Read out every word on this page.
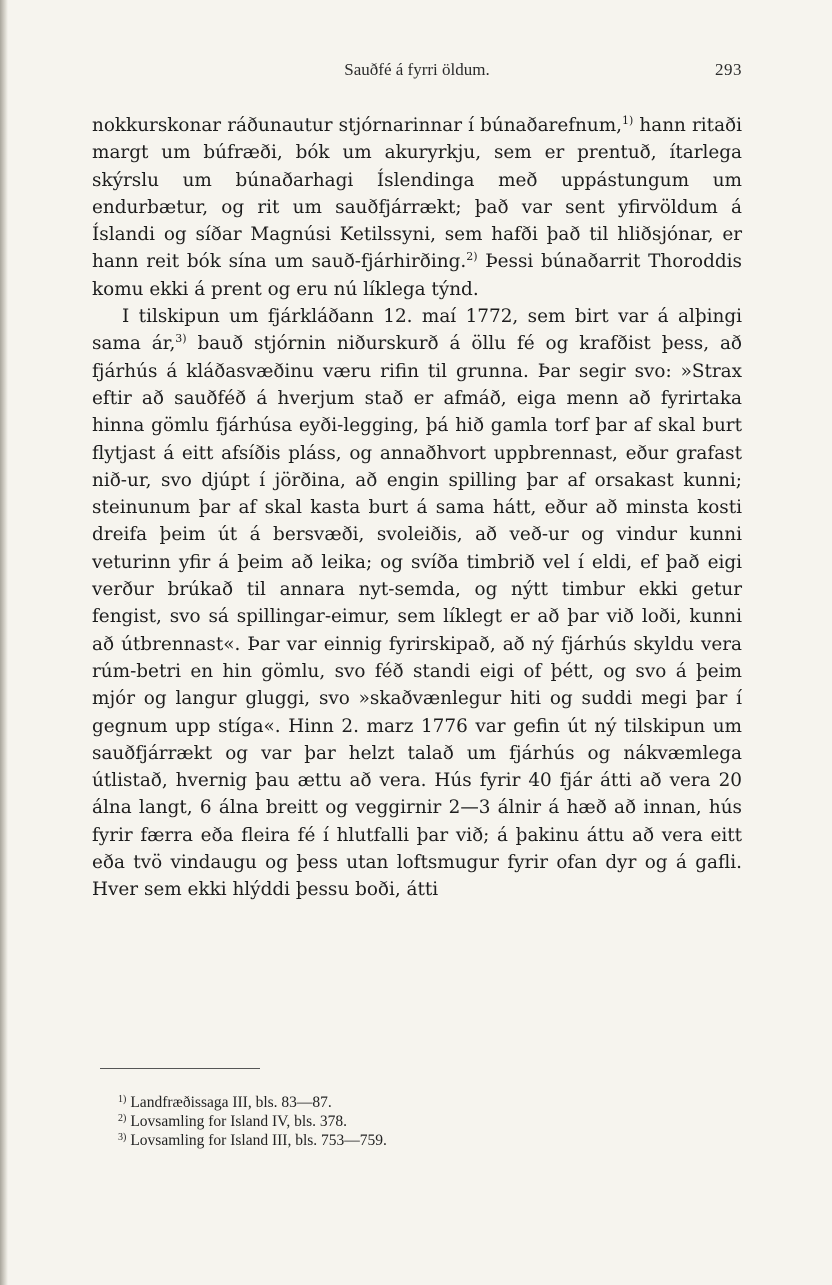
Sauðfé á fyrri öldum.	293

nokkurskonar ráðunautur stjórnarinnar í búnaðarefnum,$^{1)}$ hann ritaði margt um búfræði, bók um akuryrkju, sem er prentuð, ítarlega skýrslu um búnaðarhagi Íslendinga með uppástungum um endurbætur, og rit um sauðfjárrækt; það var sent yfirvöldum á Íslandi og síðar Magnúsi Ketilssyni, sem hafði það til hliðsjónar, er hann reit bók sína um sauð-fjárhirðing.$^{2)}$ Þessi búnaðarrit Thoroddis komu ekki á prent og eru nú líklega týnd.

I tilskipun um fjárkláðann 12. maí 1772, sem birt var á alþingi sama ár,$^{3)}$ bauð stjórnin niðurskurð á öllu fé og krafðist þess, að fjárhús á kláðasvæðinu væru rifin til grunna. Þar segir svo: »Strax eftir að sauðféð á hverjum stað er afmáð, eiga menn að fyrirtaka hinna gömlu fjárhúsa eyði-legging, þá hið gamla torf þar af skal burt flytjast á eitt afsíðis pláss, og annaðhvort uppbrennast, eður grafast nið-ur, svo djúpt í jörðina, að engin spilling þar af orsakast kunni; steinunum þar af skal kasta burt á sama hátt, eður að minsta kosti dreifa þeim út á bersvæði, svoleiðis, að veð-ur og vindur kunni veturinn yfir á þeim að leika; og svíða timbrið vel í eldi, ef það eigi verður brúkað til annara nyt-semda, og nýtt timbur ekki getur fengist, svo sá spillingar-eimur, sem líklegt er að þar við loði, kunni að útbrennast«. Þar var einnig fyrirskipað, að ný fjárhús skyldu vera rúm-betri en hin gömlu, svo féð standi eigi of þétt, og svo á þeim mjór og langur gluggi, svo »skaðvænlegur hiti og suddi megi þar í gegnum upp stíga«. Hinn 2. marz 1776 var gefin út ný tilskipun um sauðfjárrækt og var þar helzt talað um fjárhús og nákvæmlega útlistað, hvernig þau ættu að vera. Hús fyrir 40 fjár átti að vera 20 álna langt, 6 álna breitt og veggirnir 2—3 álnir á hæð að innan, hús fyrir færra eða fleira fé í hlutfalli þar við; á þakinu áttu að vera eitt eða tvö vindaugu og þess utan loftsmugur fyrir ofan dyr og á gafli. Hver sem ekki hlýddi þessu boði, átti

$^{1)}$ Landfræðissaga III, bls. 83—87.
$^{2)}$ Lovsamling for Island IV, bls. 378.
$^{3)}$ Lovsamling for Island III, bls. 753—759.
